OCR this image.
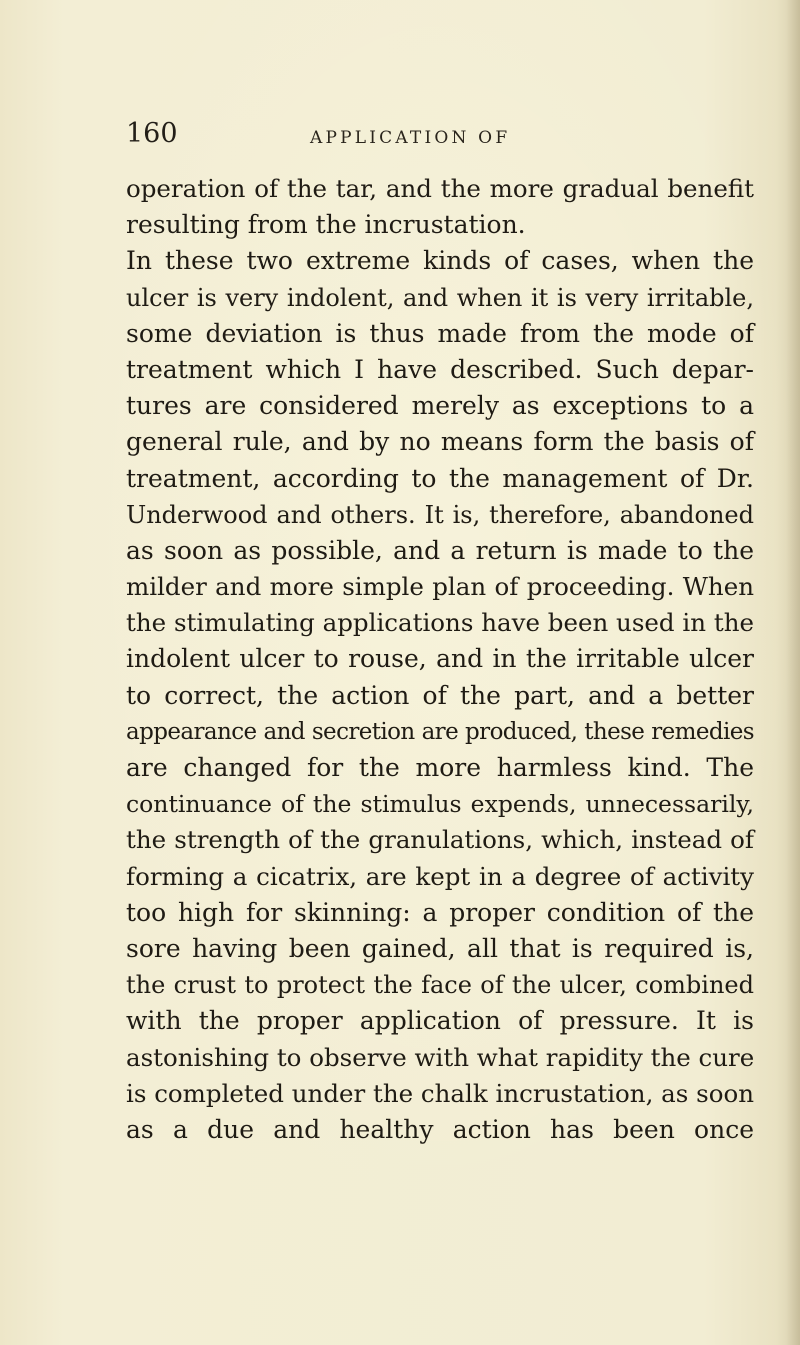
160	APPLICATION OF
operation of the tar, and the more gradual benefit
resulting from the incrustation.
In these two extreme kinds of cases, when the
ulcer is very indolent, and when it is very irritable,
some deviation is thus made from the mode of
treatment which I have described. Such depar-
tures are considered merely as exceptions to a
general rule, and by no means form the basis of
treatment, according to the management of Dr.
Underwood and others. It is, therefore, abandoned
as soon as possible, and a return is made to the
milder and more simple plan of proceeding. When
the stimulating applications have been used in the
indolent ulcer to rouse, and in the irritable ulcer
to correct, the action of the part, and a better
appearance and secretion are produced, these remedies
are changed for the more harmless kind. The
continuance of the stimulus expends, unnecessarily,
the strength of the granulations, which, instead of
forming a cicatrix, are kept in a degree of activity
too high for skinning: a proper condition of the
sore having been gained, all that is required is,
the crust to protect the face of the ulcer, combined
with the proper application of pressure. It is
astonishing to observe with what rapidity the cure
is completed under the chalk incrustation, as soon
as a due and healthy action has been once
